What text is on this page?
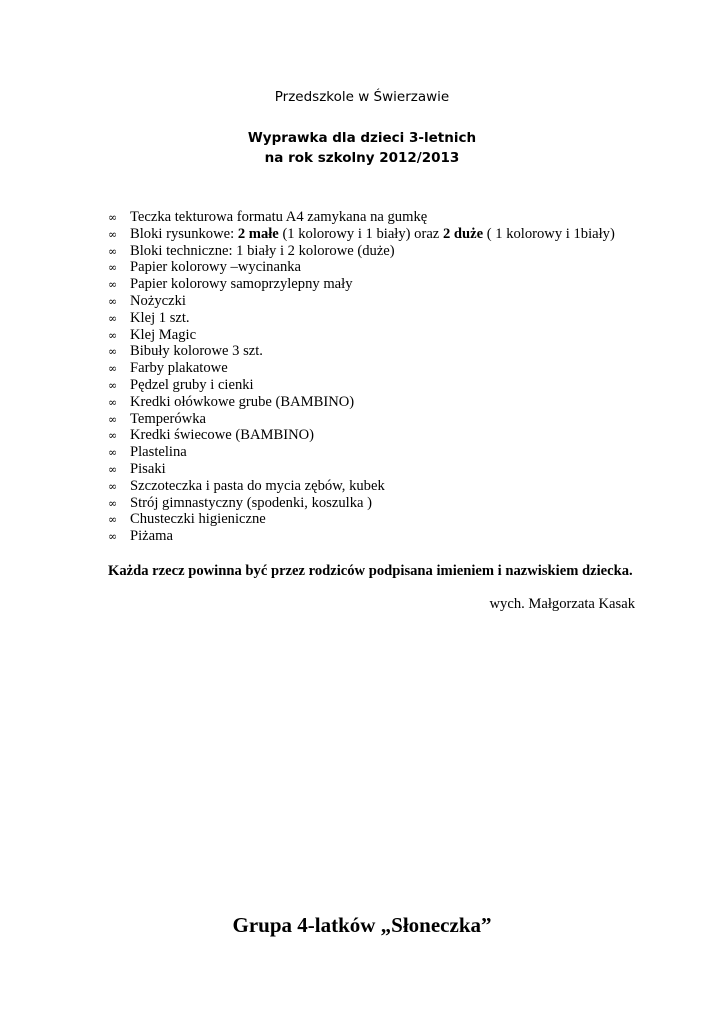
Przedszkole w Świerzawie
Wyprawka dla dzieci 3-letnich
na rok szkolny 2012/2013
∞ Teczka tekturowa formatu A4 zamykana na gumkę
∞ Bloki rysunkowe: 2 małe (1 kolorowy i 1 biały) oraz 2 duże ( 1 kolorowy i 1biały)
∞ Bloki techniczne: 1 biały i 2 kolorowe (duże)
∞ Papier kolorowy –wycinanka
∞ Papier kolorowy samoprzylepny mały
∞ Nożyczki
∞ Klej 1 szt.
∞ Klej Magic
∞ Bibuły kolorowe 3 szt.
∞ Farby plakatowe
∞ Pędzel gruby i cienki
∞ Kredki ołówkowe grube (BAMBINO)
∞ Temperówka
∞ Kredki świecowe (BAMBINO)
∞ Plastelina
∞ Pisaki
∞ Szczoteczka i pasta do mycia zębów, kubek
∞ Strój gimnastyczny (spodenki, koszulka )
∞ Chusteczki higieniczne
∞ Piżama
Każda rzecz powinna być przez rodziców podpisana imieniem i nazwiskiem dziecka.
wych. Małgorzata Kasak
Grupa 4-latków „Słoneczka”
